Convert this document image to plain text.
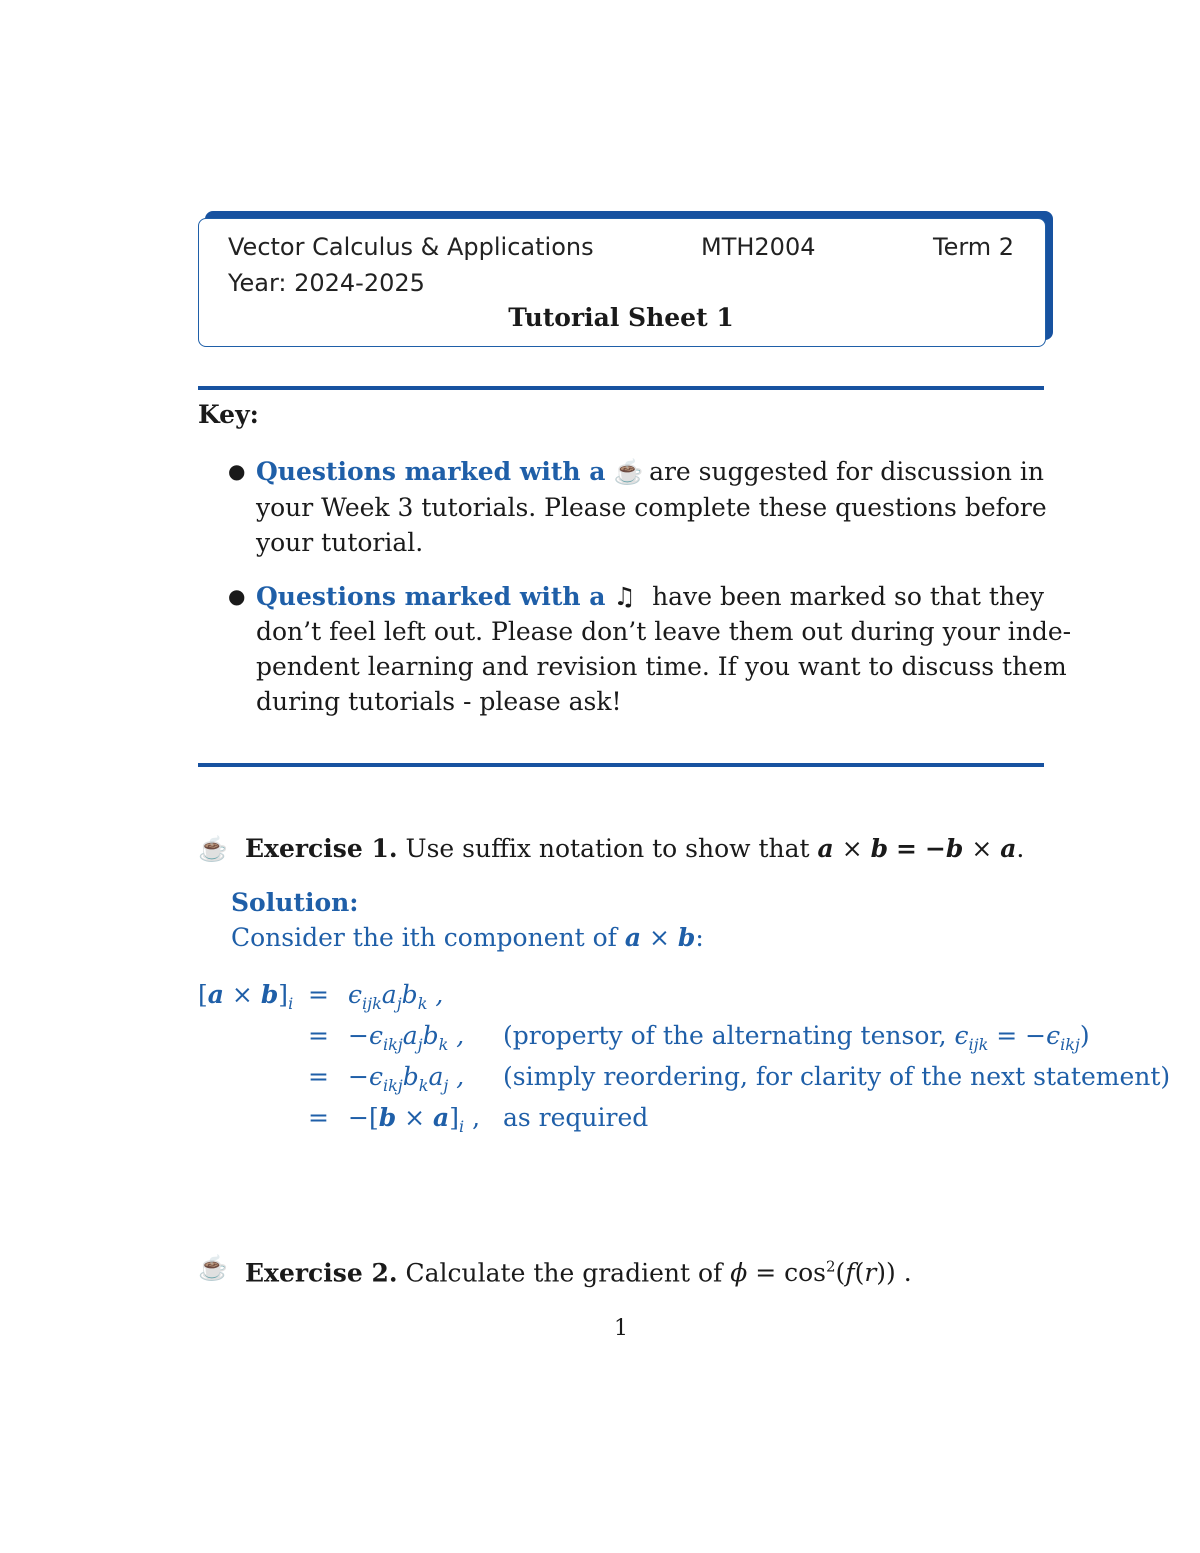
Vector Calculus & Applications	MTH2004	Term 2
Year: 2024-2025
Tutorial Sheet 1
Key:
● Questions marked with a ☕ are suggested for discussion in
your Week 3 tutorials. Please complete these questions before
your tutorial.
● Questions marked with a ♫ have been marked so that they
don’t feel left out. Please don’t leave them out during your inde-
pendent learning and revision time. If you want to discuss them
during tutorials - please ask!
☕ Exercise 1. Use suffix notation to show that a × b = −b × a.
Solution:
Consider the ith component of a × b:
$[a \times b]_i$ =
=
=
=
$\epsilon_{ijk}a_jb_k$ ,
$-\epsilon_{ikj}a_jb_k$ ,
$-\epsilon_{ikj}b_ka_j$ ,
$-[b \times a]_i$ ,
(property of the alternating tensor, $\epsilon_{ijk} = -\epsilon_{ikj}$)
(simply reordering, for clarity of the next statement)
as required
☕ Exercise 2. Calculate the gradient of $\phi = \cos^2(f(r))$ .
1
